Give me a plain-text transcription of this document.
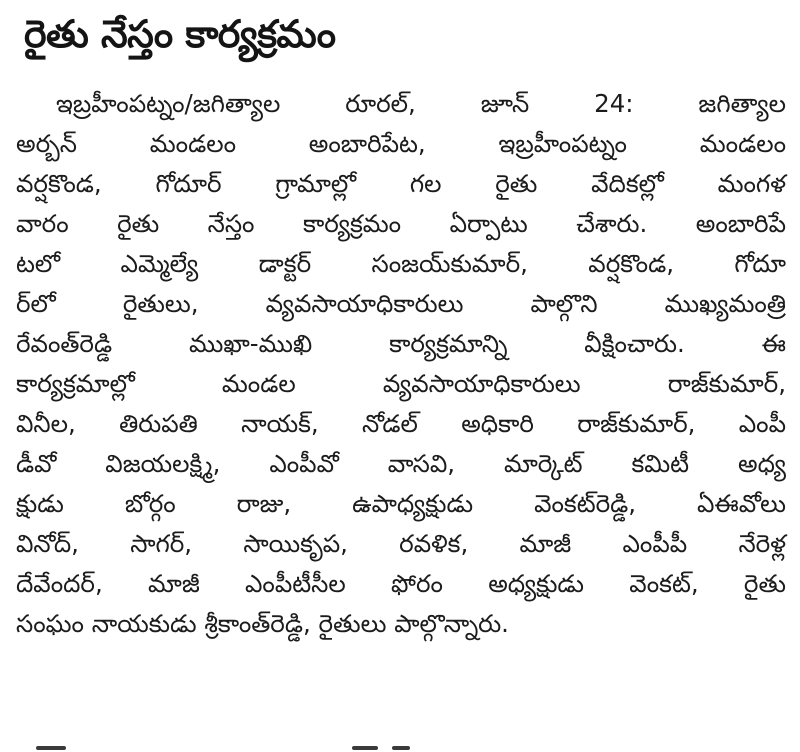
రైతు నేస్తం కార్యక్రమం
ఇబ్రహీంపట్నం/జగిత్యాల రూరల్, జూన్ 24: జగిత్యాల
అర్బన్ మండలం అంబారిపేట, ఇబ్రహీంపట్నం మండలం
వర్షకొండ, గోదూర్ గ్రామాల్లో గల రైతు వేదికల్లో మంగళ
వారం రైతు నేస్తం కార్యక్రమం ఏర్పాటు చేశారు. అంబారిపే
టలో ఎమ్మెల్యే డాక్టర్ సంజయ్‌కుమార్, వర్షకొండ, గోదూ
ర్‌లో రైతులు, వ్యవసాయాధికారులు పాల్గొని ముఖ్యమంత్రి
రేవంత్‌రెడ్డి ముఖా-ముఖి కార్యక్రమాన్ని వీక్షించారు. ఈ
కార్యక్రమాల్లో మండల వ్యవసాయాధికారులు రాజ్‌కుమార్,
వినీల, తిరుపతి నాయక్, నోడల్ అధికారి రాజ్‌కుమార్, ఎంపీ
డీవో విజయలక్ష్మి, ఎంపీవో వాసవి, మార్కెట్ కమిటీ అధ్య
క్షుడు బోర్గం రాజు, ఉపాధ్యక్షుడు వెంకట్‌రెడ్డి, ఏఈవోలు
వినోద్, సాగర్, సాయికృప, రవళిక, మాజీ ఎంపీపీ నేరెళ్ల
దేవేందర్, మాజీ ఎంపీటీసీల ఫోరం అధ్యక్షుడు వెంకట్, రైతు
సంఘం నాయకుడు శ్రీకాంత్‌రెడ్డి, రైతులు పాల్గొన్నారు.
